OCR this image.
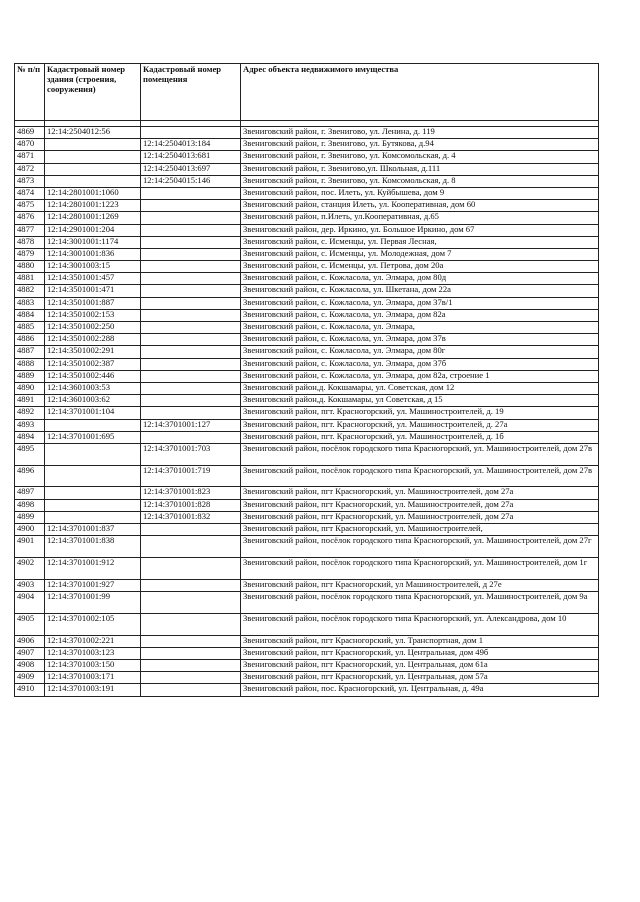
№ п/п	Кадастровый номер здания (строения, сооружения)	Кадастровый номер помещения	Адрес объекта недвижимого имущества

4869	12:14:2504012:56		Звениговский район, г. Звенигово, ул. Ленина, д. 119
4870		12:14:2504013:184	Звениговский район, г. Звенигово, ул. Бутякова, д.94
4871		12:14:2504013:681	Звениговский район, г. Звенигово, ул. Комсомольская, д. 4
4872		12:14:2504013:697	Звениговский район, г. Звенигово,ул. Школьная, д.111
4873		12:14:2504015:146	Звениговский район, г. Звенигово, ул. Комсомольская, д. 8
4874	12:14:2801001:1060		Звениговский район, пос. Илеть, ул. Куйбышева, дом 9
4875	12:14:2801001:1223		Звениговский район, станция Илеть, ул. Кооперативная, дом 60
4876	12:14:2801001:1269		Звениговский район, п.Илеть, ул.Кооперативная, д.65
4877	12:14:2901001:204		Звениговский район, дер. Иркино, ул. Большое Иркино, дом 67
4878	12:14:3001001:1174		Звениговский район, с. Исменцы, ул. Первая Лесная,
4879	12:14:3001001:836		Звениговский район, с. Исменцы, ул. Молодежная, дом 7
4880	12:14:3001003:15		Звениговский район, с. Исменцы, ул. Петрова, дом 20а
4881	12:14:3501001:457		Звениговский район, с. Кожласола, ул. Элмара, дом 80д
4882	12:14:3501001:471		Звениговский район, с. Кожласола, ул. Шкетана, дом 22а
4883	12:14:3501001:887		Звениговский район, с. Кожласола, ул. Элмара, дом 37в/1
4884	12:14:3501002:153		Звениговский район, с. Кожласола, ул. Элмара, дом 82а
4885	12:14:3501002:250		Звениговский район, с. Кожласола, ул. Элмара,
4886	12:14:3501002:288		Звениговский район, с. Кожласола, ул. Элмара, дом 37в
4887	12:14:3501002:291		Звениговский район, с. Кожласола, ул. Элмара, дом 80г
4888	12:14:3501002:387		Звениговский район, с. Кожласола, ул. Элмара, дом 37б
4889	12:14:3501002:446		Звениговский район, с. Кожласола, ул. Элмара, дом 82а, строение 1
4890	12:14:3601003:53		Звениговский район,д. Кокшамары, ул. Советская, дом 12
4891	12:14:3601003:62		Звениговский район,д. Кокшамары, ул Советская, д 15
4892	12:14:3701001:104		Звениговский район, пгт. Красногорский, ул. Машиностроителей, д. 19
4893		12:14:3701001:127	Звениговский район, пгт. Красногорский, ул. Машиностроителей, д. 27а
4894	12:14:3701001:695		Звениговский район, пгт. Красногорский, ул. Машиностроителей, д. 1б
4895		12:14:3701001:703	Звениговский район, посёлок городского типа Красногорский, ул. Машиностроителей, дом 27в
4896		12:14:3701001:719	Звениговский район, посёлок городского типа Красногорский, ул. Машиностроителей, дом 27в
4897		12:14:3701001:823	Звениговский район, пгт Красногорский, ул. Машиностроителей, дом 27а
4898		12:14:3701001:828	Звениговский район, пгт Красногорский, ул. Машиностроителей, дом 27а
4899		12:14:3701001:832	Звениговский район, пгт Красногорский, ул. Машиностроителей, дом 27а
4900	12:14:3701001:837		Звениговский район, пгт Красногорский, ул. Машиностроителей,
4901	12:14:3701001:838		Звениговский район, посёлок городского типа Красногорский, ул. Машиностроителей, дом 27г
4902	12:14:3701001:912		Звениговский район, посёлок городского типа Красногорский, ул. Машиностроителей, дом 1г
4903	12:14:3701001:927		Звениговский район, пгт Красногорский, ул Машиностроителей, д 27е
4904	12:14:3701001:99		Звениговский район, посёлок городского типа Красногорский, ул. Машиностроителей, дом 9а
4905	12:14:3701002:105		Звениговский район, посёлок городского типа Красногорский, ул. Александрова, дом 10
4906	12:14:3701002:221		Звениговский район, пгт Красногорский, ул. Транспортная, дом 1
4907	12:14:3701003:123		Звениговский район, пгт Красногорский, ул. Центральная, дом 49б
4908	12:14:3701003:150		Звениговский район, пгт Красногорский, ул. Центральная, дом 61а
4909	12:14:3701003:171		Звениговский район, пгт Красногорский, ул. Центральная, дом 57а
4910	12:14:3701003:191		Звениговский район, пос. Красногорский, ул. Центральная, д. 49а
